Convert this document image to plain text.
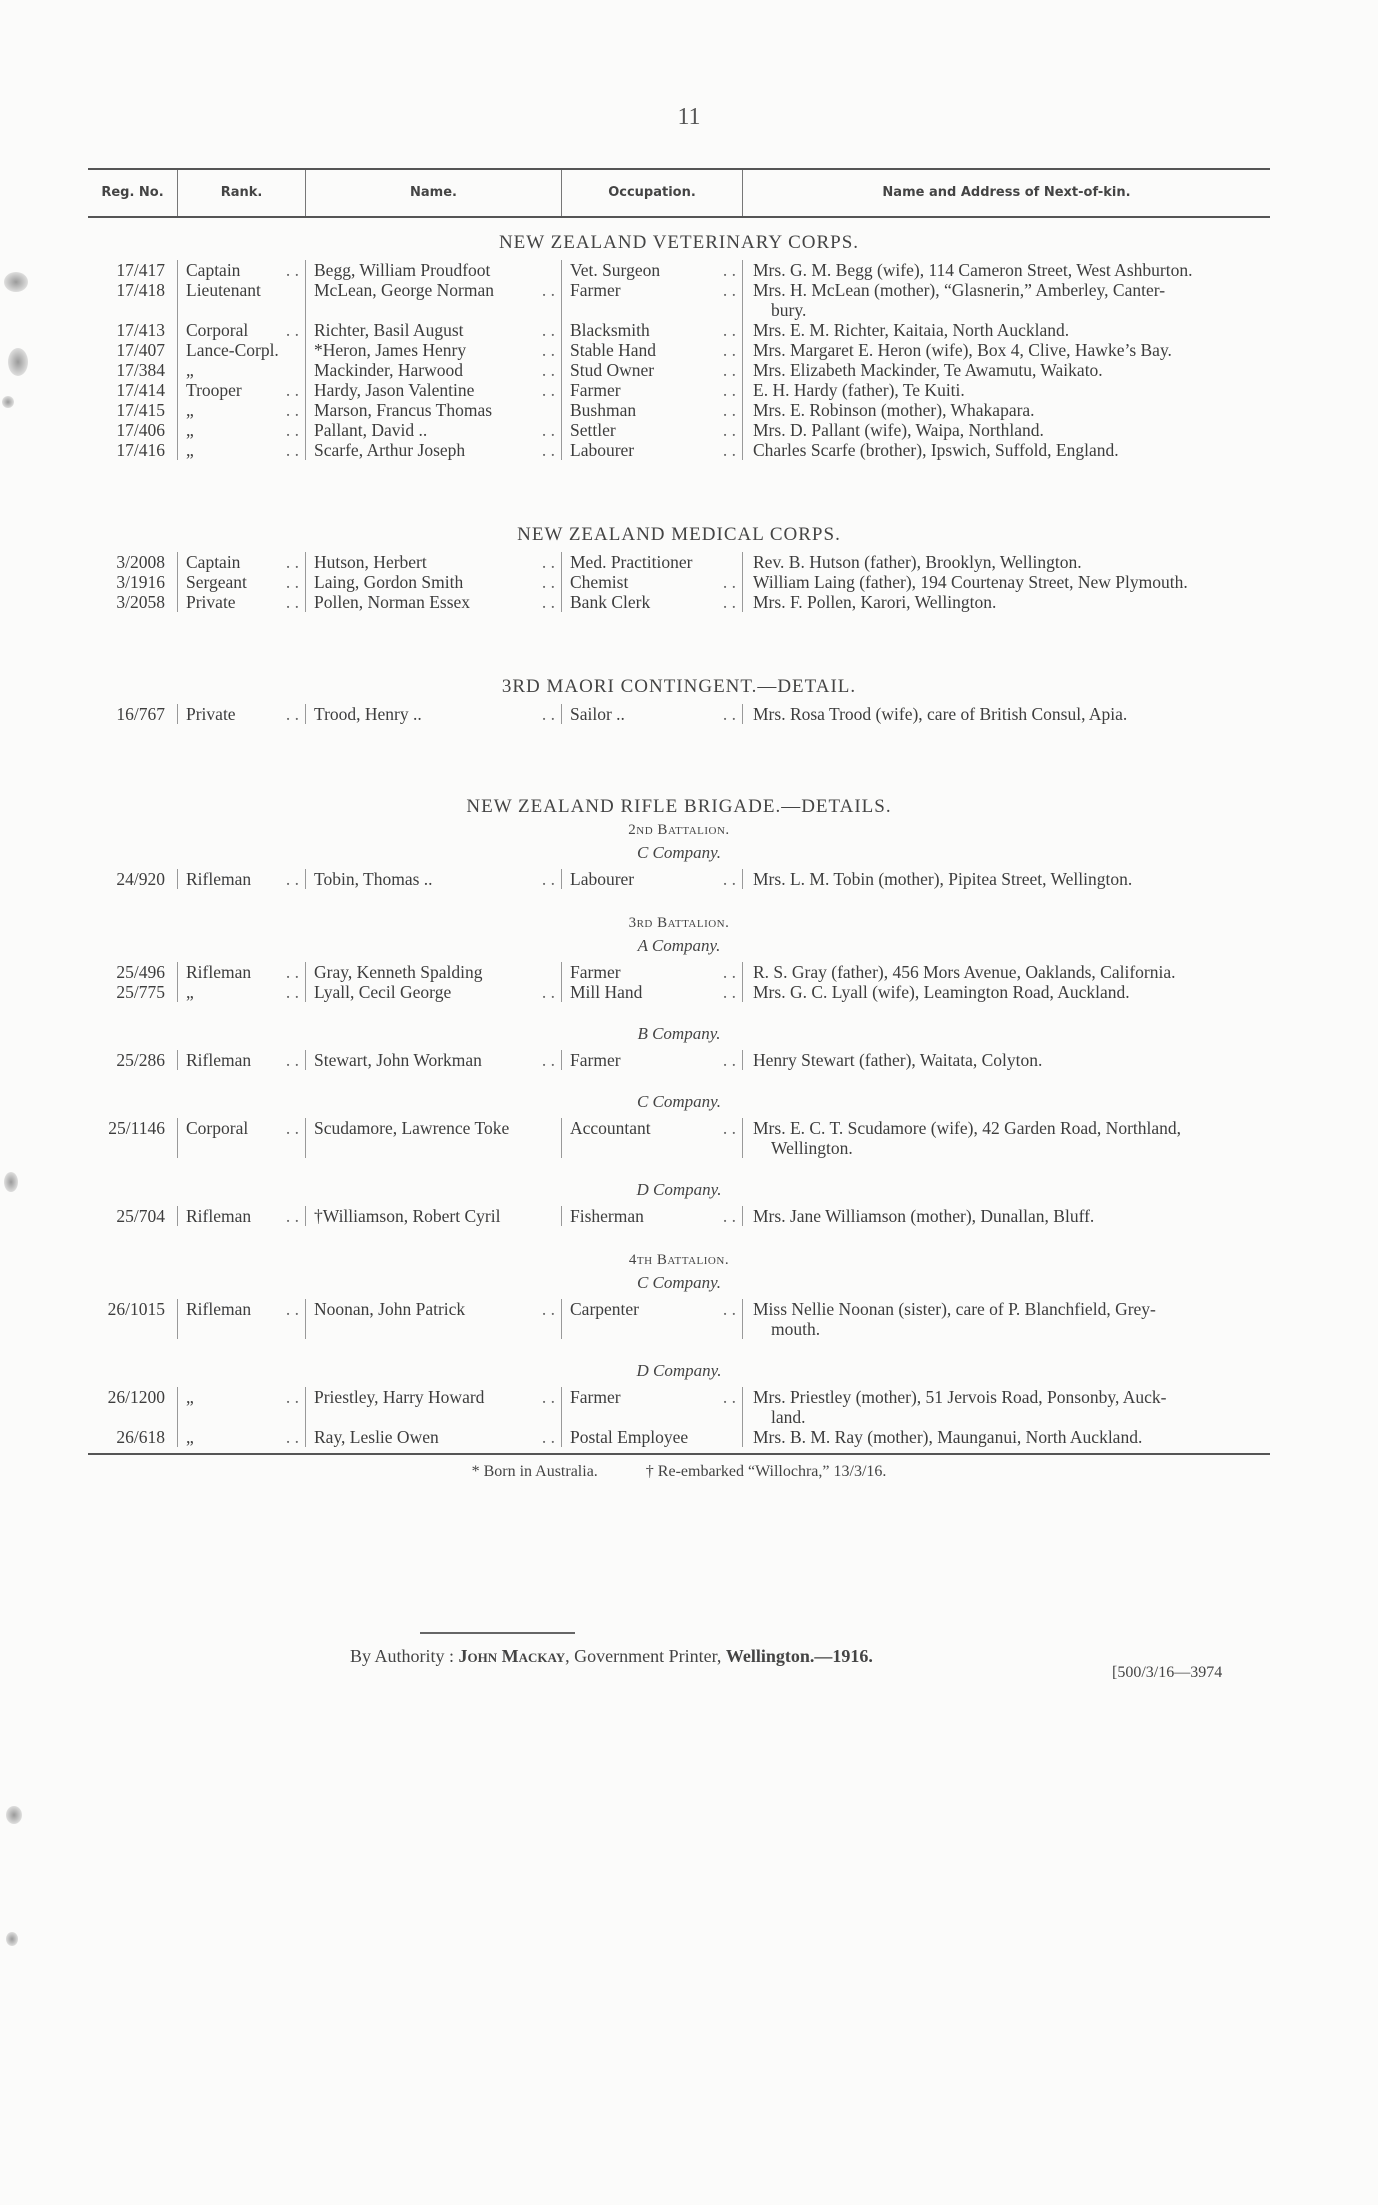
11
Reg. No.	Rank.	Name.	Occupation.	Name and Address of Next-of-kin.
NEW ZEALAND VETERINARY CORPS.
17/417	Captain	. . Begg, William Proudfoot	Vet. Surgeon	. . Mrs. G. M. Begg (wife), 114 Cameron Street, West Ashburton.
17/418	Lieutenant	McLean, George Norman	. . Farmer	. . Mrs. H. McLean (mother), “Glasnerin,” Amberley, Canter-
bury.
17/413	Corporal . . Richter, Basil August	. . Blacksmith	. . Mrs. E. M. Richter, Kaitaia, North Auckland.
17/407	Lance-Corpl.	*Heron, James Henry	. . Stable Hand	. . Mrs. Margaret E. Heron (wife), Box 4, Clive, Hawke’s Bay.
17/384	„	Mackinder, Harwood	. . Stud Owner	. . Mrs. Elizabeth Mackinder, Te Awamutu, Waikato.
17/414	Trooper	. . Hardy, Jason Valentine	. . Farmer	. . E. H. Hardy (father), Te Kuiti.
17/415	„	. . Marson, Francus Thomas	Bushman	. . Mrs. E. Robinson (mother), Whakapara.
17/406	„	. . Pallant, David ..	. . Settler	. . Mrs. D. Pallant (wife), Waipa, Northland.
17/416	„	. . Scarfe, Arthur Joseph	. . Labourer	. . Charles Scarfe (brother), Ipswich, Suffold, England.
NEW ZEALAND MEDICAL CORPS.
3/2008	Captain	. . Hutson, Herbert	. . Med. Practitioner	Rev. B. Hutson (father), Brooklyn, Wellington.
3/1916	Sergeant . . Laing, Gordon Smith	. . Chemist	. . William Laing (father), 194 Courtenay Street, New Plymouth.
3/2058	Private	. . Pollen, Norman Essex	. . Bank Clerk	. . Mrs. F. Pollen, Karori, Wellington.
3RD MAORI CONTINGENT.—DETAIL.
16/767	Private	. . Trood, Henry ..	. . Sailor ..	. . Mrs. Rosa Trood (wife), care of British Consul, Apia.
NEW ZEALAND RIFLE BRIGADE.—DETAILS.
2nd Battalion.
C Company.
24/920	Rifleman . . Tobin, Thomas ..	. . Labourer	. . Mrs. L. M. Tobin (mother), Pipitea Street, Wellington.
3rd Battalion.
A Company.
25/496	Rifleman . . Gray, Kenneth Spalding	Farmer	. . R. S. Gray (father), 456 Mors Avenue, Oaklands, California.
25/775	„	. . Lyall, Cecil George	. . Mill Hand	. . Mrs. G. C. Lyall (wife), Leamington Road, Auckland.
B Company.
25/286	Rifleman . . Stewart, John Workman	. . Farmer	. . Henry Stewart (father), Waitata, Colyton.
C Company.
25/1146	Corporal . . Scudamore, Lawrence Toke	Accountant	. . Mrs. E. C. T. Scudamore (wife), 42 Garden Road, Northland,
Wellington.
D Company.
25/704	Rifleman . . †Williamson, Robert Cyril	Fisherman	. . Mrs. Jane Williamson (mother), Dunallan, Bluff.
4th Battalion.
C Company.
26/1015	Rifleman . . Noonan, John Patrick	. . Carpenter	. . Miss Nellie Noonan (sister), care of P. Blanchfield, Grey-
mouth.
D Company.
26/1200	„	. . Priestley, Harry Howard	. . Farmer	. . Mrs. Priestley (mother), 51 Jervois Road, Ponsonby, Auck-
land.
26/618	„	. . Ray, Leslie Owen	. . Postal Employee	Mrs. B. M. Ray (mother), Maunganui, North Auckland.
* Born in Australia.	† Re-embarked “Willochra,” 13/3/16.
By Authority : John Mackay, Government Printer, Wellington.—1916.
[500/3/16—3974
